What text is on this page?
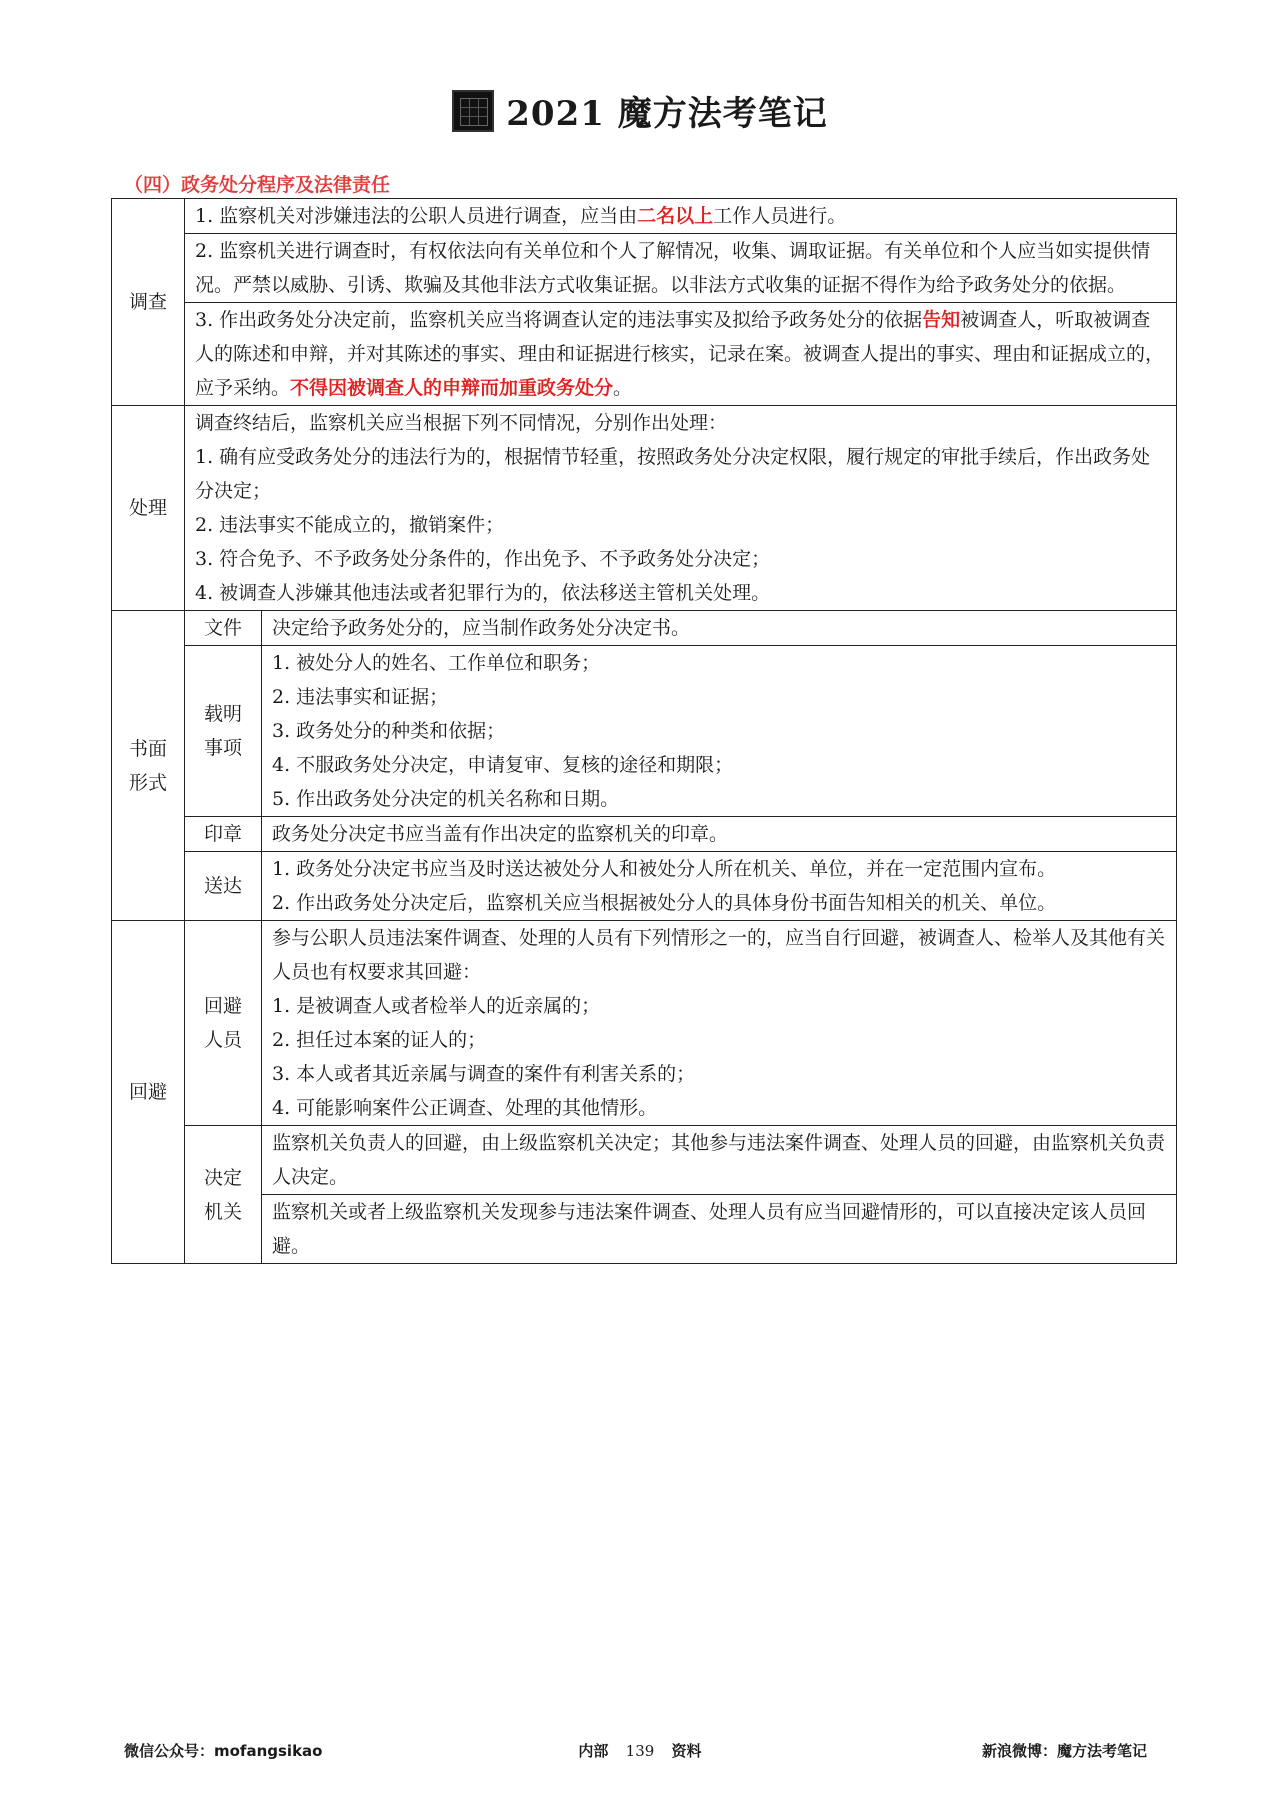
2021 魔方法考笔记
（四）政务处分程序及法律责任
调查	1. 监察机关对涉嫌违法的公职人员进行调查，应当由二名以上工作人员进行。	
	2. 监察机关进行调查时，有权依法向有关单位和个人了解情况，收集、调取证据。有关单位和个人应当如实提供情况。严禁以威胁、引诱、欺骗及其他非法方式收集证据。以非法方式收集的证据不得作为给予政务处分的依据。	
	3. 作出政务处分决定前，监察机关应当将调查认定的违法事实及拟给予政务处分的依据告知被调查人，听取被调查人的陈述和申辩，并对其陈述的事实、理由和证据进行核实，记录在案。被调查人提出的事实、理由和证据成立的，应予采纳。不得因被调查人的申辩而加重政务处分。	
处理	调查终结后，监察机关应当根据下列不同情况，分别作出处理：
1. 确有应受政务处分的违法行为的，根据情节轻重，按照政务处分决定权限，履行规定的审批手续后，作出政务处分决定；
2. 违法事实不能成立的，撤销案件；
3. 符合免予、不予政务处分条件的，作出免予、不予政务处分决定；
4. 被调查人涉嫌其他违法或者犯罪行为的，依法移送主管机关处理。	

书面形式	文件	决定给予政务处分的，应当制作政务处分决定书。
	载明事项	1. 被处分人的姓名、工作单位和职务；
2. 违法事实和证据；
3. 政务处分的种类和依据；
4. 不服政务处分决定，申请复审、复核的途径和期限；
5. 作出政务处分决定的机关名称和日期。

	印章	政务处分决定书应当盖有作出决定的监察机关的印章。
	送达	1. 政务处分决定书应当及时送达被处分人和被处分人所在机关、单位，并在一定范围内宣布。
2. 作出政务处分决定后，监察机关应当根据被处分人的具体身份书面告知相关的机关、单位。

回避	回避人员	参与公职人员违法案件调查、处理的人员有下列情形之一的，应当自行回避，被调查人、检举人及其他有关人员也有权要求其回避：
1. 是被调查人或者检举人的近亲属的；
2. 担任过本案的证人的；
3. 本人或者其近亲属与调查的案件有利害关系的；
4. 可能影响案件公正调查、处理的其他情形。

	决定机关	监察机关负责人的回避，由上级监察机关决定；其他参与违法案件调查、处理人员的回避，由监察机关负责人决定。
		监察机关或者上级监察机关发现参与违法案件调查、处理人员有应当回避情形的，可以直接决定该人员回避。
微信公众号：mofangsikao	内部 139 资料	新浪微博：魔方法考笔记
